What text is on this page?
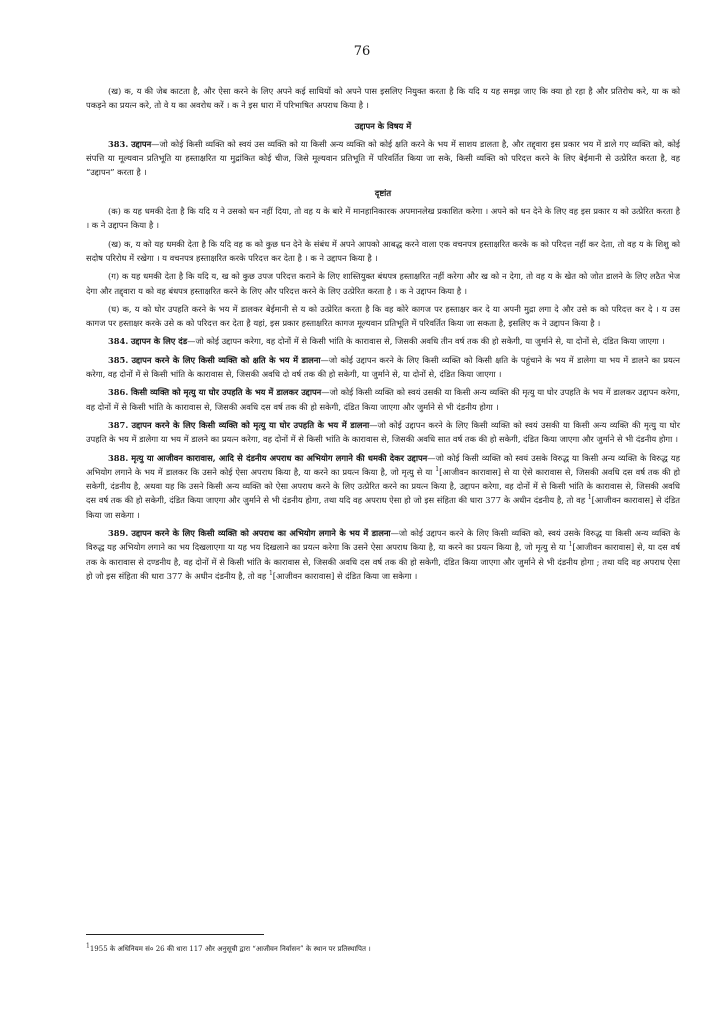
76

(ख) क, य की जेब काटता है, और ऐसा करने के लिए अपने कई साथियों को अपने पास इसलिए नियुक्त करता है कि यदि य यह समझ जाए कि क्या हो रहा है और प्रतिरोध करे, या क को पकड़ने का प्रयत्न करे, तो वे य का अवरोध करें । क ने इस धारा में परिभाषित अपराध किया है ।

उद्दापन के विषय में

383. उद्दापन—जो कोई किसी व्यक्ति को स्वयं उस व्यक्ति को या किसी अन्य व्यक्ति को कोई क्षति करने के भय में साशय डालता है, और तद्द्वारा इस प्रकार भय में डाले गए व्यक्ति को, कोई संपत्ति या मूल्यवान प्रतिभूति या हस्ताक्षरित या मुद्रांकित कोई चीज, जिसे मूल्यवान प्रतिभूति में परिवर्तित किया जा सके, किसी व्यक्ति को परिदत्त करने के लिए बेईमानी से उत्प्रेरित करता है, वह “उद्दापन” करता है ।

दृष्टांत

(क) क यह धमकी देता है कि यदि य ने उसको धन नहीं दिया, तो वह य के बारे में मानहानिकारक अपमानलेख प्रकाशित करेगा । अपने को धन देने के लिए वह इस प्रकार य को उत्प्रेरित करता है । क ने उद्दापन किया है ।

(ख) क, य को यह धमकी देता है कि यदि वह क को कुछ धन देने के संबंध में अपने आपको आबद्ध करने वाला एक वचनपत्र हस्ताक्षरित करके क को परिदत्त नहीं कर देता, तो वह य के शिशु को सदोष परिरोध में रखेगा । य वचनपत्र हस्ताक्षरित करके परिदत्त कर देता है । क ने उद्दापन किया है ।

(ग) क यह धमकी देता है कि यदि य, ख को कुछ उपज परिदत्त कराने के लिए शास्तियुक्त बंधपत्र हस्ताक्षरित नहीं करेगा और ख को न देगा, तो वह य के खेत को जोत डालने के लिए लठैत भेज देगा और तद्द्वारा य को वह बंधपत्र हस्ताक्षरित करने के लिए और परिदत्त करने के लिए उत्प्रेरित करता है । क ने उद्दापन किया है ।

(घ) क, य को घोर उपहति करने के भय में डालकर बेईमानी से य को उत्प्रेरित करता है कि वह कोरे कागज पर हस्ताक्षर कर दे या अपनी मुद्रा लगा दे और उसे क को परिदत्त कर दे । य उस कागज पर हस्ताक्षर करके उसे क को परिदत्त कर देता है यहां, इस प्रकार हस्ताक्षरित कागज मूल्यवान प्रतिभूति में परिवर्तित किया जा सकता है, इसलिए क ने उद्दापन किया है ।

384. उद्दापन के लिए दंड—जो कोई उद्दापन करेगा, वह दोनों में से किसी भांति के कारावास से, जिसकी अवधि तीन वर्ष तक की हो सकेगी, या जुर्माने से, या दोनों से, दंडित किया जाएगा ।

385. उद्दापन करने के लिए किसी व्यक्ति को क्षति के भय में डालना—जो कोई उद्दापन करने के लिए किसी व्यक्ति को किसी क्षति के पहुंचाने के भय में डालेगा या भय में डालने का प्रयत्न करेगा, वह दोनों में से किसी भांति के कारावास से, जिसकी अवधि दो वर्ष तक की हो सकेगी, या जुर्माने से, या दोनों से, दंडित किया जाएगा ।

386. किसी व्यक्ति को मृत्यु या घोर उपहति के भय में डालकर उद्दापन—जो कोई किसी व्यक्ति को स्वयं उसकी या किसी अन्य व्यक्ति की मृत्यु या घोर उपहति के भय में डालकर उद्दापन करेगा, वह दोनों में से किसी भांति के कारावास से, जिसकी अवधि दस वर्ष तक की हो सकेगी, दंडित किया जाएगा और जुर्माने से भी दंडनीय होगा ।

387. उद्दापन करने के लिए किसी व्यक्ति को मृत्यु या घोर उपहति के भय में डालना—जो कोई उद्दापन करने के लिए किसी व्यक्ति को स्वयं उसकी या किसी अन्य व्यक्ति की मृत्यु या घोर उपहति के भय में डालेगा या भय में डालने का प्रयत्न करेगा, वह दोनों में से किसी भांति के कारावास से, जिसकी अवधि सात वर्ष तक की हो सकेगी, दंडित किया जाएगा और जुर्माने से भी दंडनीय होगा ।

388. मृत्यु या आजीवन कारावास, आदि से दंडनीय अपराध का अभियोग लगाने की धमकी देकर उद्दापन—जो कोई किसी व्यक्ति को स्वयं उसके विरुद्ध या किसी अन्य व्यक्ति के विरुद्ध यह अभियोग लगाने के भय में डालकर कि उसने कोई ऐसा अपराध किया है, या करने का प्रयत्न किया है, जो मृत्यु से या $^1$[आजीवन कारावास] से या ऐसे कारावास से, जिसकी अवधि दस वर्ष तक की हो सकेगी, दंडनीय है, अथवा यह कि उसने किसी अन्य व्यक्ति को ऐसा अपराध करने के लिए उत्प्रेरित करने का प्रयत्न किया है, उद्दापन करेगा, वह दोनों में से किसी भांति के कारावास से, जिसकी अवधि दस वर्ष तक की हो सकेगी, दंडित किया जाएगा और जुर्माने से भी दंडनीय होगा, तथा यदि वह अपराध ऐसा हो जो इस संहिता की धारा 377 के अधीन दंडनीय है, तो वह $^1$[आजीवन कारावास] से दंडित किया जा सकेगा ।

389. उद्दापन करने के लिए किसी व्यक्ति को अपराध का अभियोग लगाने के भय में डालना—जो कोई उद्दापन करने के लिए किसी व्यक्ति को, स्वयं उसके विरुद्ध या किसी अन्य व्यक्ति के विरुद्ध यह अभियोग लगाने का भय दिखलाएगा या यह भय दिखलाने का प्रयत्न करेगा कि उसने ऐसा अपराध किया है, या करने का प्रयत्न किया है, जो मृत्यु से या $^1$[आजीवन कारावास] से, या दस वर्ष तक के कारावास से दण्डनीय है, वह दोनों में से किसी भांति के कारावास से, जिसकी अवधि दस वर्ष तक की हो सकेगी, दंडित किया जाएगा और जुर्माने से भी दंडनीय होगा ; तथा यदि वह अपराध ऐसा हो जो इस संहिता की धारा 377 के अधीन दंडनीय है, तो वह $^1$[आजीवन कारावास] से दंडित किया जा सकेगा ।

$^1$1955 के अधिनियम सं० 26 की धारा 117 और अनुसूची द्वारा “आजीवन निर्वासन” के स्थान पर प्रतिस्थापित ।
